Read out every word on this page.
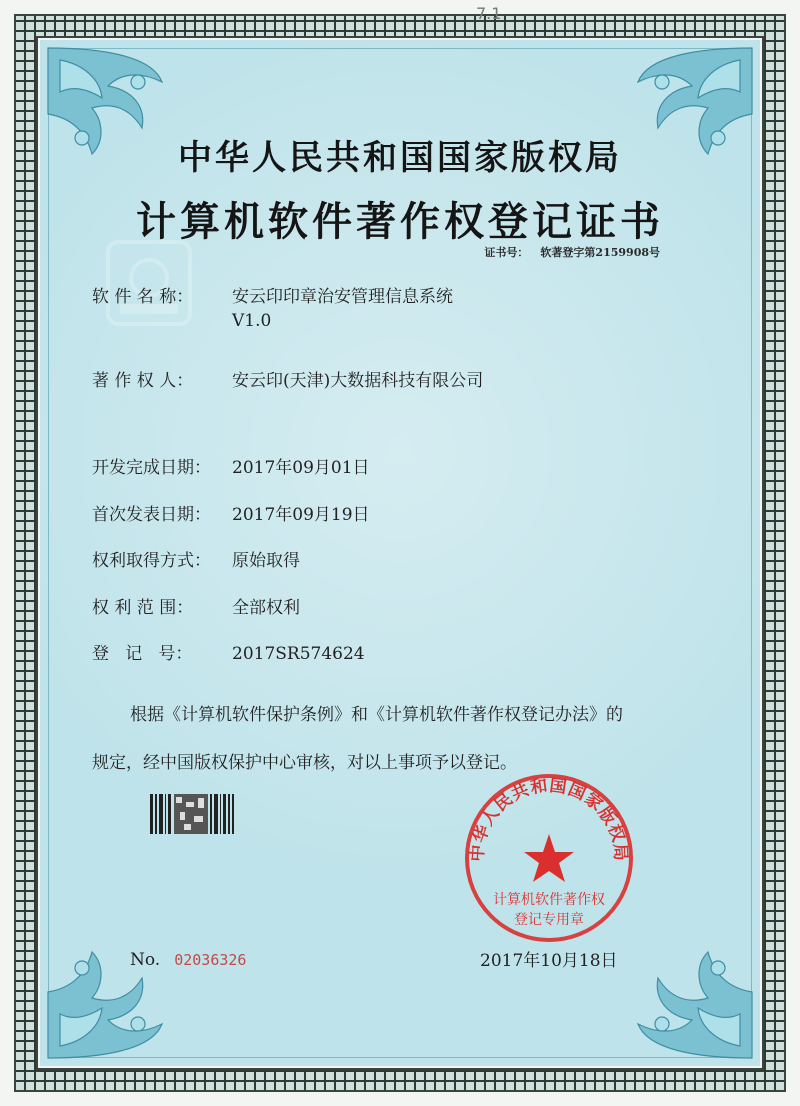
7.1
中华人民共和国国家版权局
计算机软件著作权登记证书
证书号： 软著登字第2159908号
软 件 名 称： 安云印印章治安管理信息系统
V1.0
著 作 权 人： 安云印(天津)大数据科技有限公司
开发完成日期： 2017年09月01日
首次发表日期： 2017年09月19日
权利取得方式： 原始取得
权 利 范 围： 全部权利
登   记   号： 2017SR574624
根据《计算机软件保护条例》和《计算机软件著作权登记办法》的
规定，经中国版权保护中心审核，对以上事项予以登记。
中华人民共和国国家版权局
计算机软件著作权
登记专用章
No. 02036326	2017年10月18日
